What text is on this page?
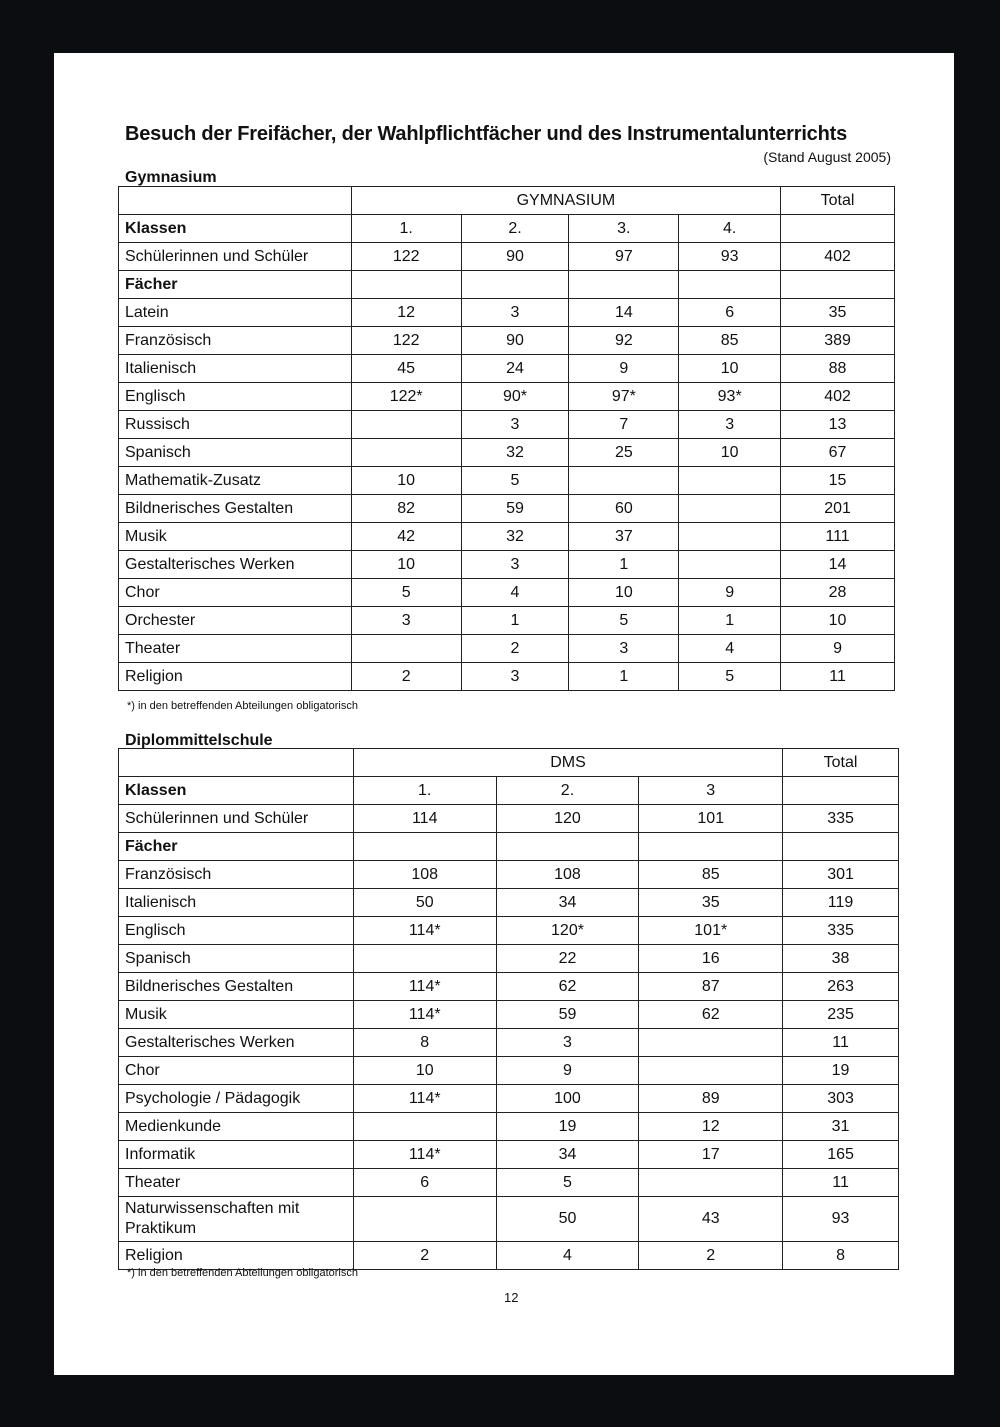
Besuch der Freifächer, der Wahlpflichtfächer und des Instrumentalunterrichts
(Stand August 2005)
Gymnasium
	GYMNASIUM				Total
Klassen	1.	2.	3.	4.	
Schülerinnen und Schüler	122	90	97	93	402
Fächer					
Latein	12	3	14	6	35
Französisch	122	90	92	85	389
Italienisch	45	24	9	10	88
Englisch	122*	90*	97*	93*	402
Russisch		3	7	3	13
Spanisch		32	25	10	67
Mathematik-Zusatz	10	5			15
Bildnerisches Gestalten	82	59	60		201
Musik	42	32	37		111
Gestalterisches Werken	10	3	1		14
Chor	5	4	10	9	28
Orchester	3	1	5	1	10
Theater		2	3	4	9
Religion	2	3	1	5	11
*) in den betreffenden Abteilungen obligatorisch
Diplommittelschule
	DMS			Total
Klassen	1.	2.	3	
Schülerinnen und Schüler	114	120	101	335
Fächer				
Französisch	108	108	85	301
Italienisch	50	34	35	119
Englisch	114*	120*	101*	335
Spanisch		22	16	38
Bildnerisches Gestalten	114*	62	87	263
Musik	114*	59	62	235
Gestalterisches Werken	8	3		11
Chor	10	9		19
Psychologie / Pädagogik	114*	100	89	303
Medienkunde		19	12	31
Informatik	114*	34	17	165
Theater	6	5		11
Naturwissenschaften mit Praktikum		50	43	93
Religion	2	4	2	8
*) in den betreffenden Abteilungen obligatorisch
12
